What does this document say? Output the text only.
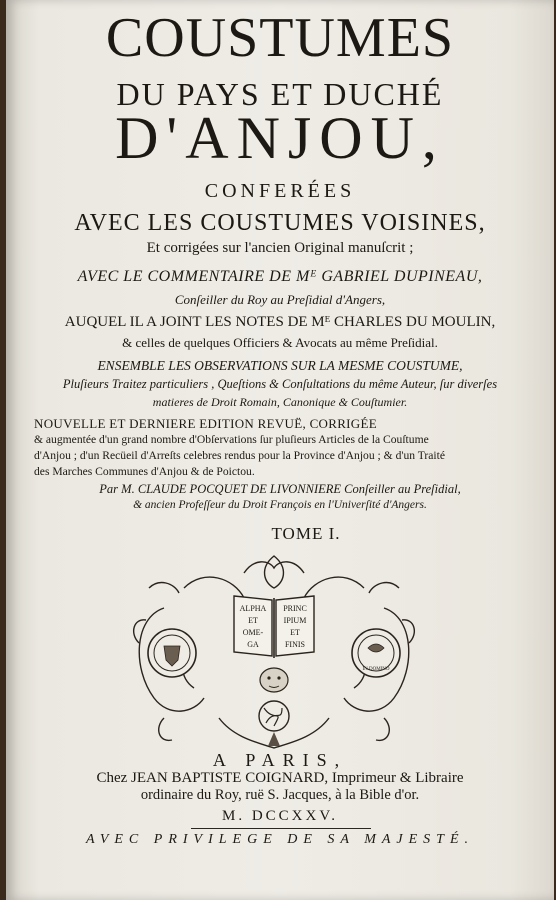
COUSTUMES
DU PAYS ET DUCHÉ
D'ANJOU,
CONFERÉES
AVEC LES COUSTUMES VOISINES,
Et corrigées sur l'ancien Original manuſcrit ;
AVEC LE COMMENTAIRE DE Mᴱ GABRIEL DUPINEAU,
Conſeiller du Roy au Preſidial d'Angers,
AUQUEL IL A JOINT LES NOTES DE Mᴱ CHARLES DU MOULIN,
& celles de quelques Officiers & Avocats au même Preſidial.
ENSEMBLE LES OBSERVATIONS SUR LA MESME COUSTUME,
Pluſieurs Traitez particuliers , Queſtions & Conſultations du même Auteur, ſur diverſes
matieres de Droit Romain, Canonique & Couſtumier.
NOUVELLE ET DERNIERE EDITION REVUË, CORRIGÉE
& augmentée d'un grand nombre d'Obſervations ſur pluſieurs Articles de la Couſtume
d'Anjou ; d'un Recüeil d'Arreſts celebres rendus pour la Province d'Anjou ; & d'un Traité
des Marches Communes d'Anjou & de Poictou.
Par M. CLAUDE POCQUET DE LIVONNIERE Conſeiller au Preſidial,
& ancien Profeſſeur du Droit François en l'Univerſité d'Angers.
TOME I.
IN DOMINO
ALPHA
ET
OME-
GA
PRINC
IPIUM
ET
FINIS
A PARIS,
Chez JEAN BAPTISTE COIGNARD, Imprimeur & Libraire
ordinaire du Roy, ruë S. Jacques, à la Bible d'or.
M. DCCXXV.
AVEC PRIVILEGE DE SA MAJESTÉ.
